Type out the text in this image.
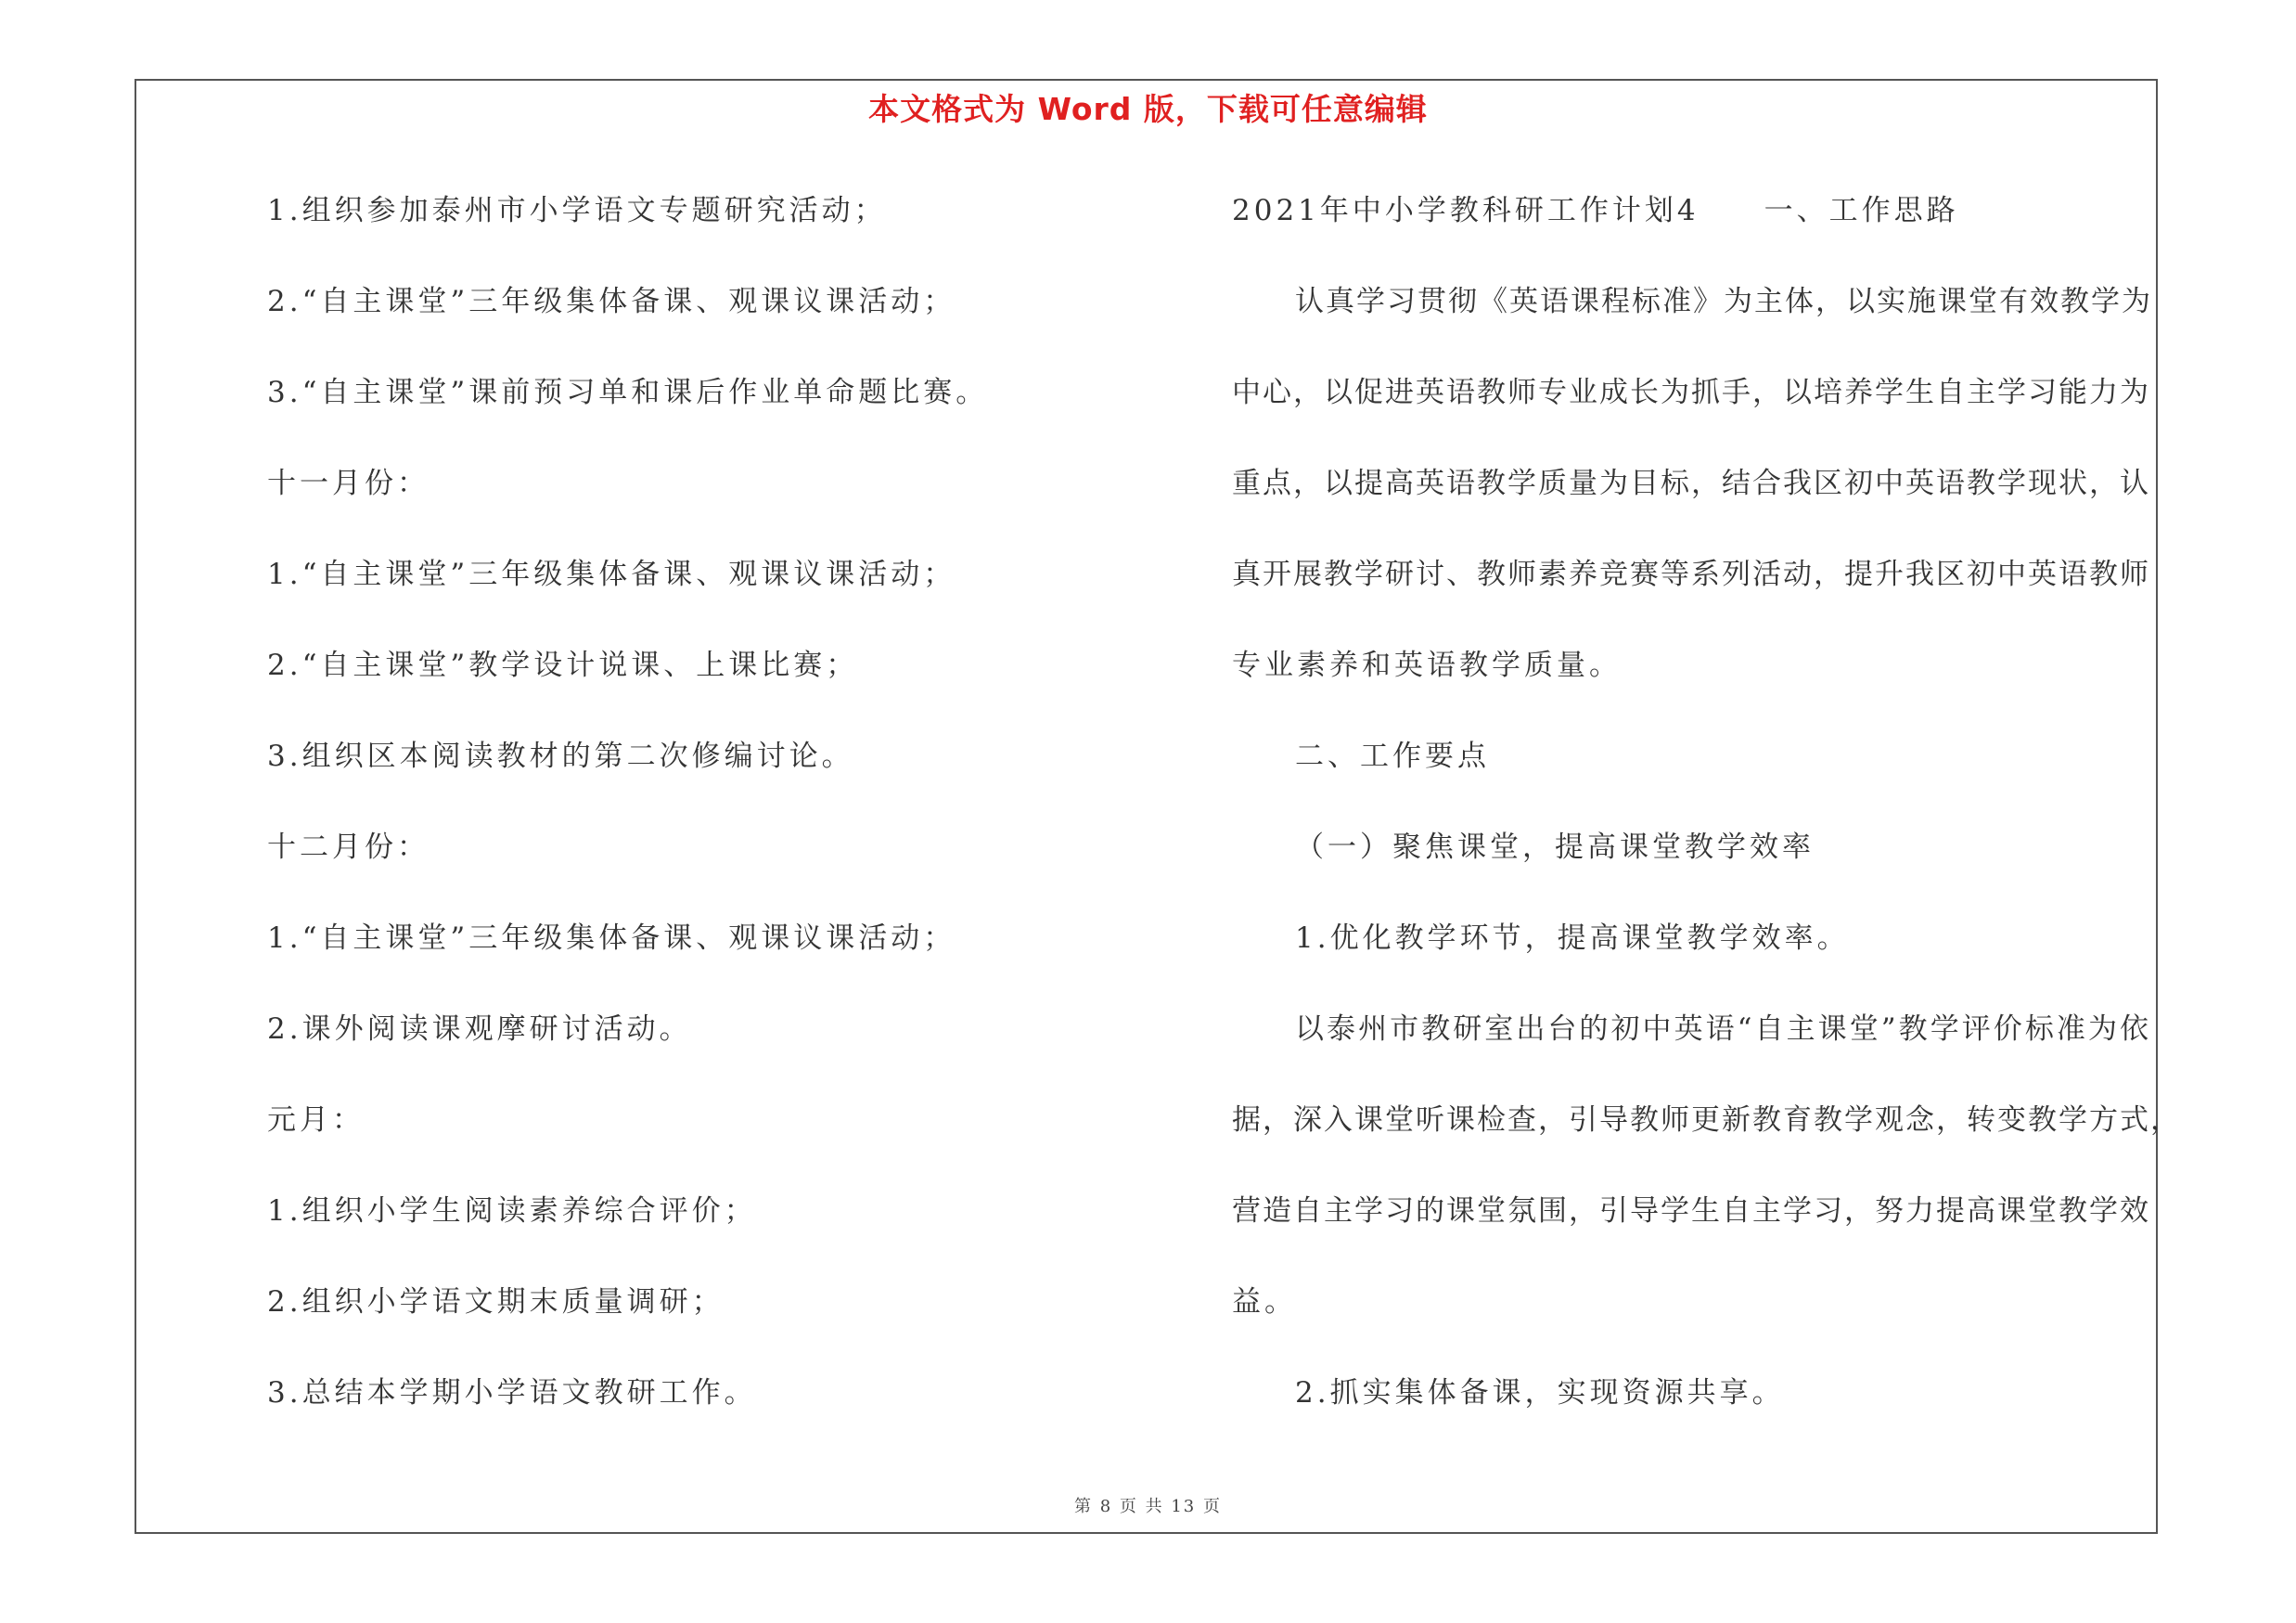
本文格式为 Word 版，下载可任意编辑
1.组织参加泰州市小学语文专题研究活动；
2.“自主课堂”三年级集体备课、观课议课活动；
3.“自主课堂”课前预习单和课后作业单命题比赛。
十一月份：
1.“自主课堂”三年级集体备课、观课议课活动；
2.“自主课堂”教学设计说课、上课比赛；
3.组织区本阅读教材的第二次修编讨论。
十二月份：
1.“自主课堂”三年级集体备课、观课议课活动；
2.课外阅读课观摩研讨活动。
元月：
1.组织小学生阅读素养综合评价；
2.组织小学语文期末质量调研；
3.总结本学期小学语文教研工作。
2021年中小学教科研工作计划4 一、工作思路
认真学习贯彻《英语课程标准》为主体，以实施课堂有效教学为
中心，以促进英语教师专业成长为抓手，以培养学生自主学习能力为
重点，以提高英语教学质量为目标，结合我区初中英语教学现状，认
真开展教学研讨、教师素养竞赛等系列活动，提升我区初中英语教师
专业素养和英语教学质量。
二、工作要点
（一）聚焦课堂，提高课堂教学效率
1.优化教学环节，提高课堂教学效率。
以泰州市教研室出台的初中英语“自主课堂”教学评价标准为依
据，深入课堂听课检查，引导教师更新教育教学观念，转变教学方式，
营造自主学习的课堂氛围，引导学生自主学习，努力提高课堂教学效
益。
2.抓实集体备课，实现资源共享。
第 8 页 共 13 页
